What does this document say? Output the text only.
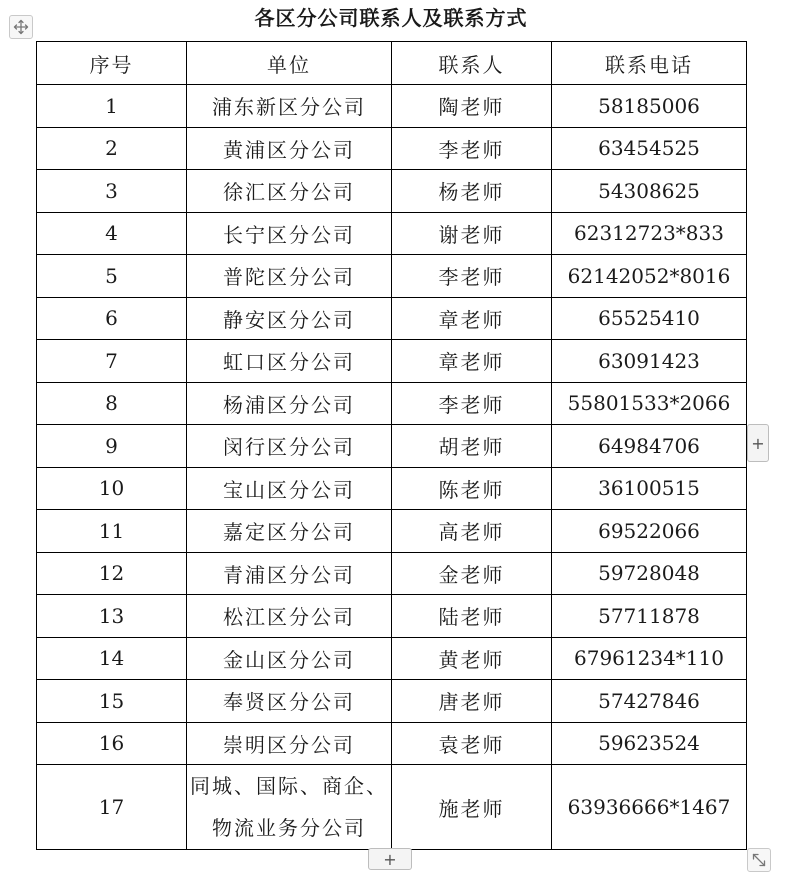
各区分公司联系人及联系方式
序号	单位	联系人	联系电话
1	浦东新区分公司	陶老师	58185006
2	黄浦区分公司	李老师	63454525
3	徐汇区分公司	杨老师	54308625
4	长宁区分公司	谢老师	62312723*833
5	普陀区分公司	李老师	62142052*8016
6	静安区分公司	章老师	65525410
7	虹口区分公司	章老师	63091423
8	杨浦区分公司	李老师	55801533*2066
9	闵行区分公司	胡老师	64984706
10	宝山区分公司	陈老师	36100515
11	嘉定区分公司	高老师	69522066
12	青浦区分公司	金老师	59728048
13	松江区分公司	陆老师	57711878
14	金山区分公司	黄老师	67961234*110
15	奉贤区分公司	唐老师	57427846
16	崇明区分公司	袁老师	59623524
17	同城、国际、商企、
物流业务分公司	施老师	63936666*1467
+
+
